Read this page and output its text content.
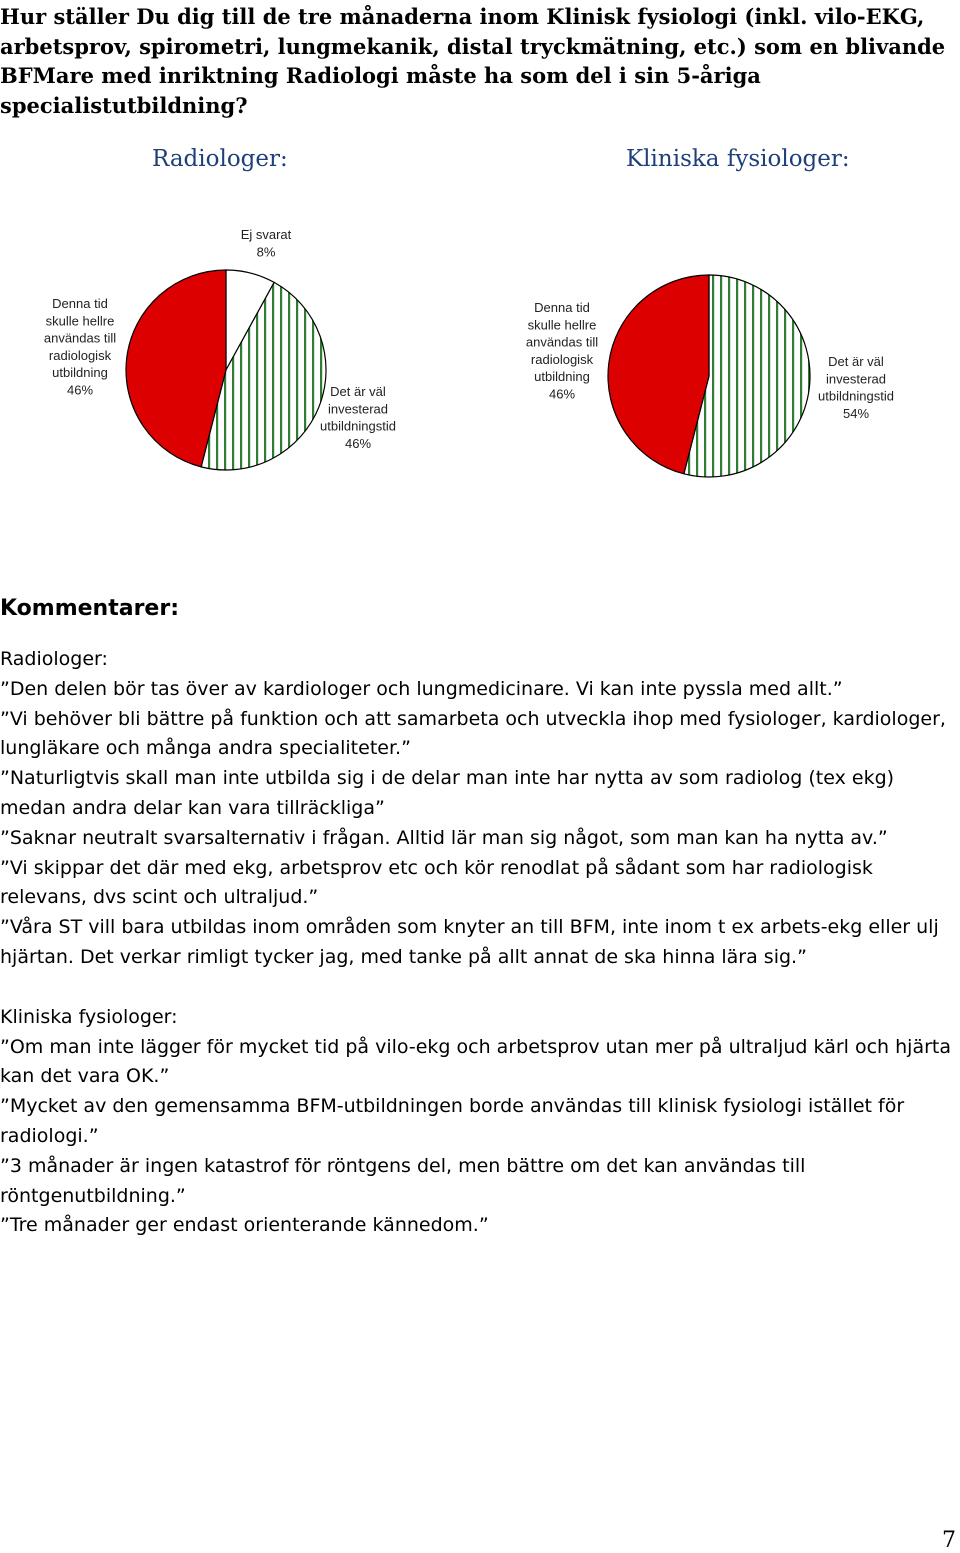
Hur ställer Du dig till de tre månaderna inom Klinisk fysiologi (inkl. vilo-EKG, arbetsprov, spirometri, lungmekanik, distal tryckmätning, etc.) som en blivande BFMare med inriktning Radiologi måste ha som del i sin 5-åriga specialistutbildning?
Radiologer:	Kliniska fysiologer:
Ej svarat 8%
Det är väl investerad utbildningstid 46%
Denna tid skulle hellre användas till radiologisk utbildning 46%
Det är väl investerad utbildningstid 54%
Denna tid skulle hellre användas till radiologisk utbildning 46%
Kommentarer:

Radiologer:

”Den delen bör tas över av kardiologer och lungmedicinare. Vi kan inte pyssla med allt.”

”Vi behöver bli bättre på funktion och att samarbeta och utveckla ihop med fysiologer, kardiologer, lungläkare och många andra specialiteter.”

”Naturligtvis skall man inte utbilda sig i de delar man inte har nytta av som radiolog (tex ekg) medan andra delar kan vara tillräckliga”

”Saknar neutralt svarsalternativ i frågan. Alltid lär man sig något, som man kan ha nytta av.”

”Vi skippar det där med ekg, arbetsprov etc och kör renodlat på sådant som har radiologisk relevans, dvs scint och ultraljud.”

”Våra ST vill bara utbildas inom områden som knyter an till BFM, inte inom t ex arbets-ekg eller ulj hjärtan. Det verkar rimligt tycker jag, med tanke på allt annat de ska hinna lära sig.”

Kliniska fysiologer:

”Om man inte lägger för mycket tid på vilo-ekg och arbetsprov utan mer på ultraljud kärl och hjärta kan det vara OK.”

”Mycket av den gemensamma BFM-utbildningen borde användas till klinisk fysiologi istället för radiologi.”

”3 månader är ingen katastrof för röntgens del, men bättre om det kan användas till röntgenutbildning.”

”Tre månader ger endast orienterande kännedom.”

7
